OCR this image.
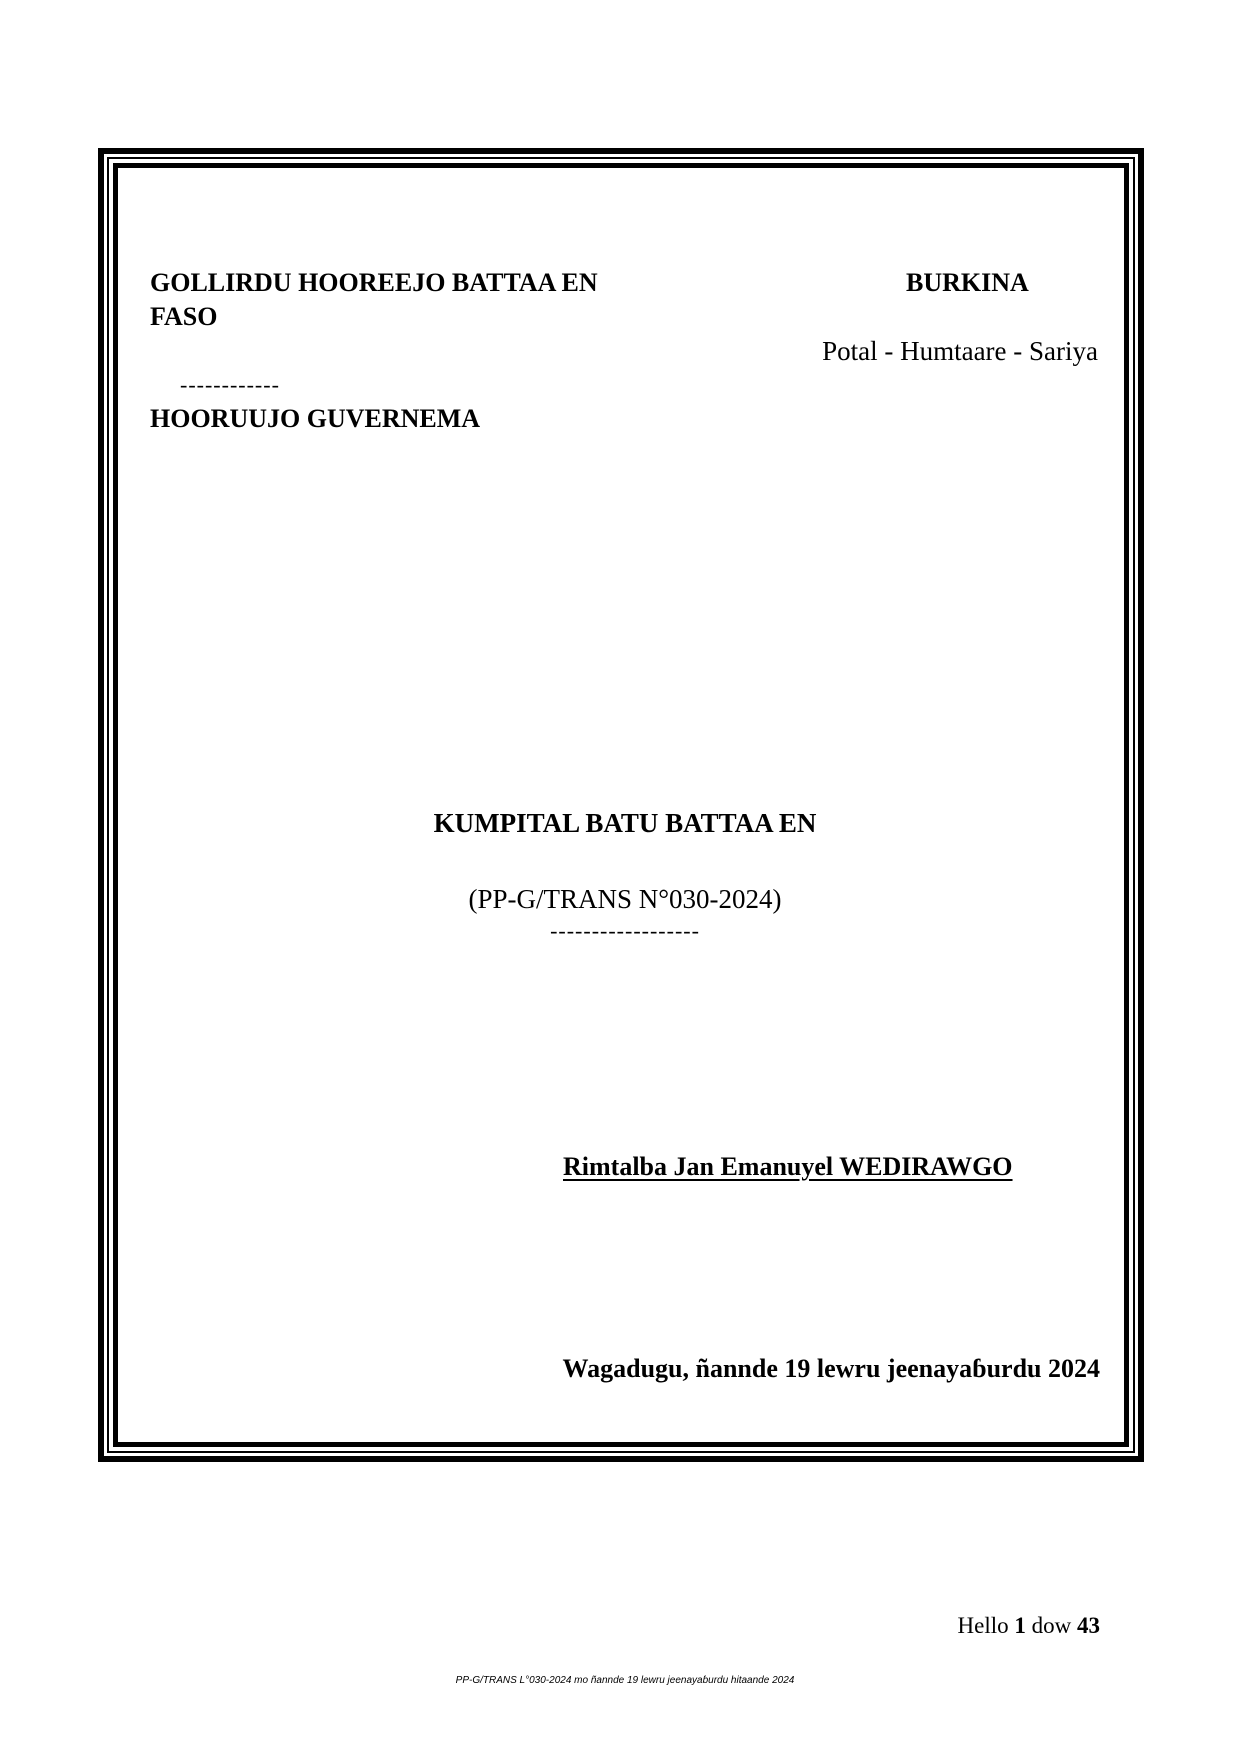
GOLLIRDU HOOREEJO BATTAA EN	BURKINA
FASO
Potal - Humtaare - Sariya
------------
HOORUUJO GUVERNEMA
KUMPITAL BATU BATTAA EN
(PP-G/TRANS N°030-2024)
------------------
Rimtalba Jan Emanuyel WEDIRAWGO
Wagadugu, ñannde 19 lewru jeenayaɓurdu 2024
Hello 1 dow 43
PP-G/TRANS L°030-2024 mo ñannde 19 lewru jeenayaɓurdu hitaande 2024
